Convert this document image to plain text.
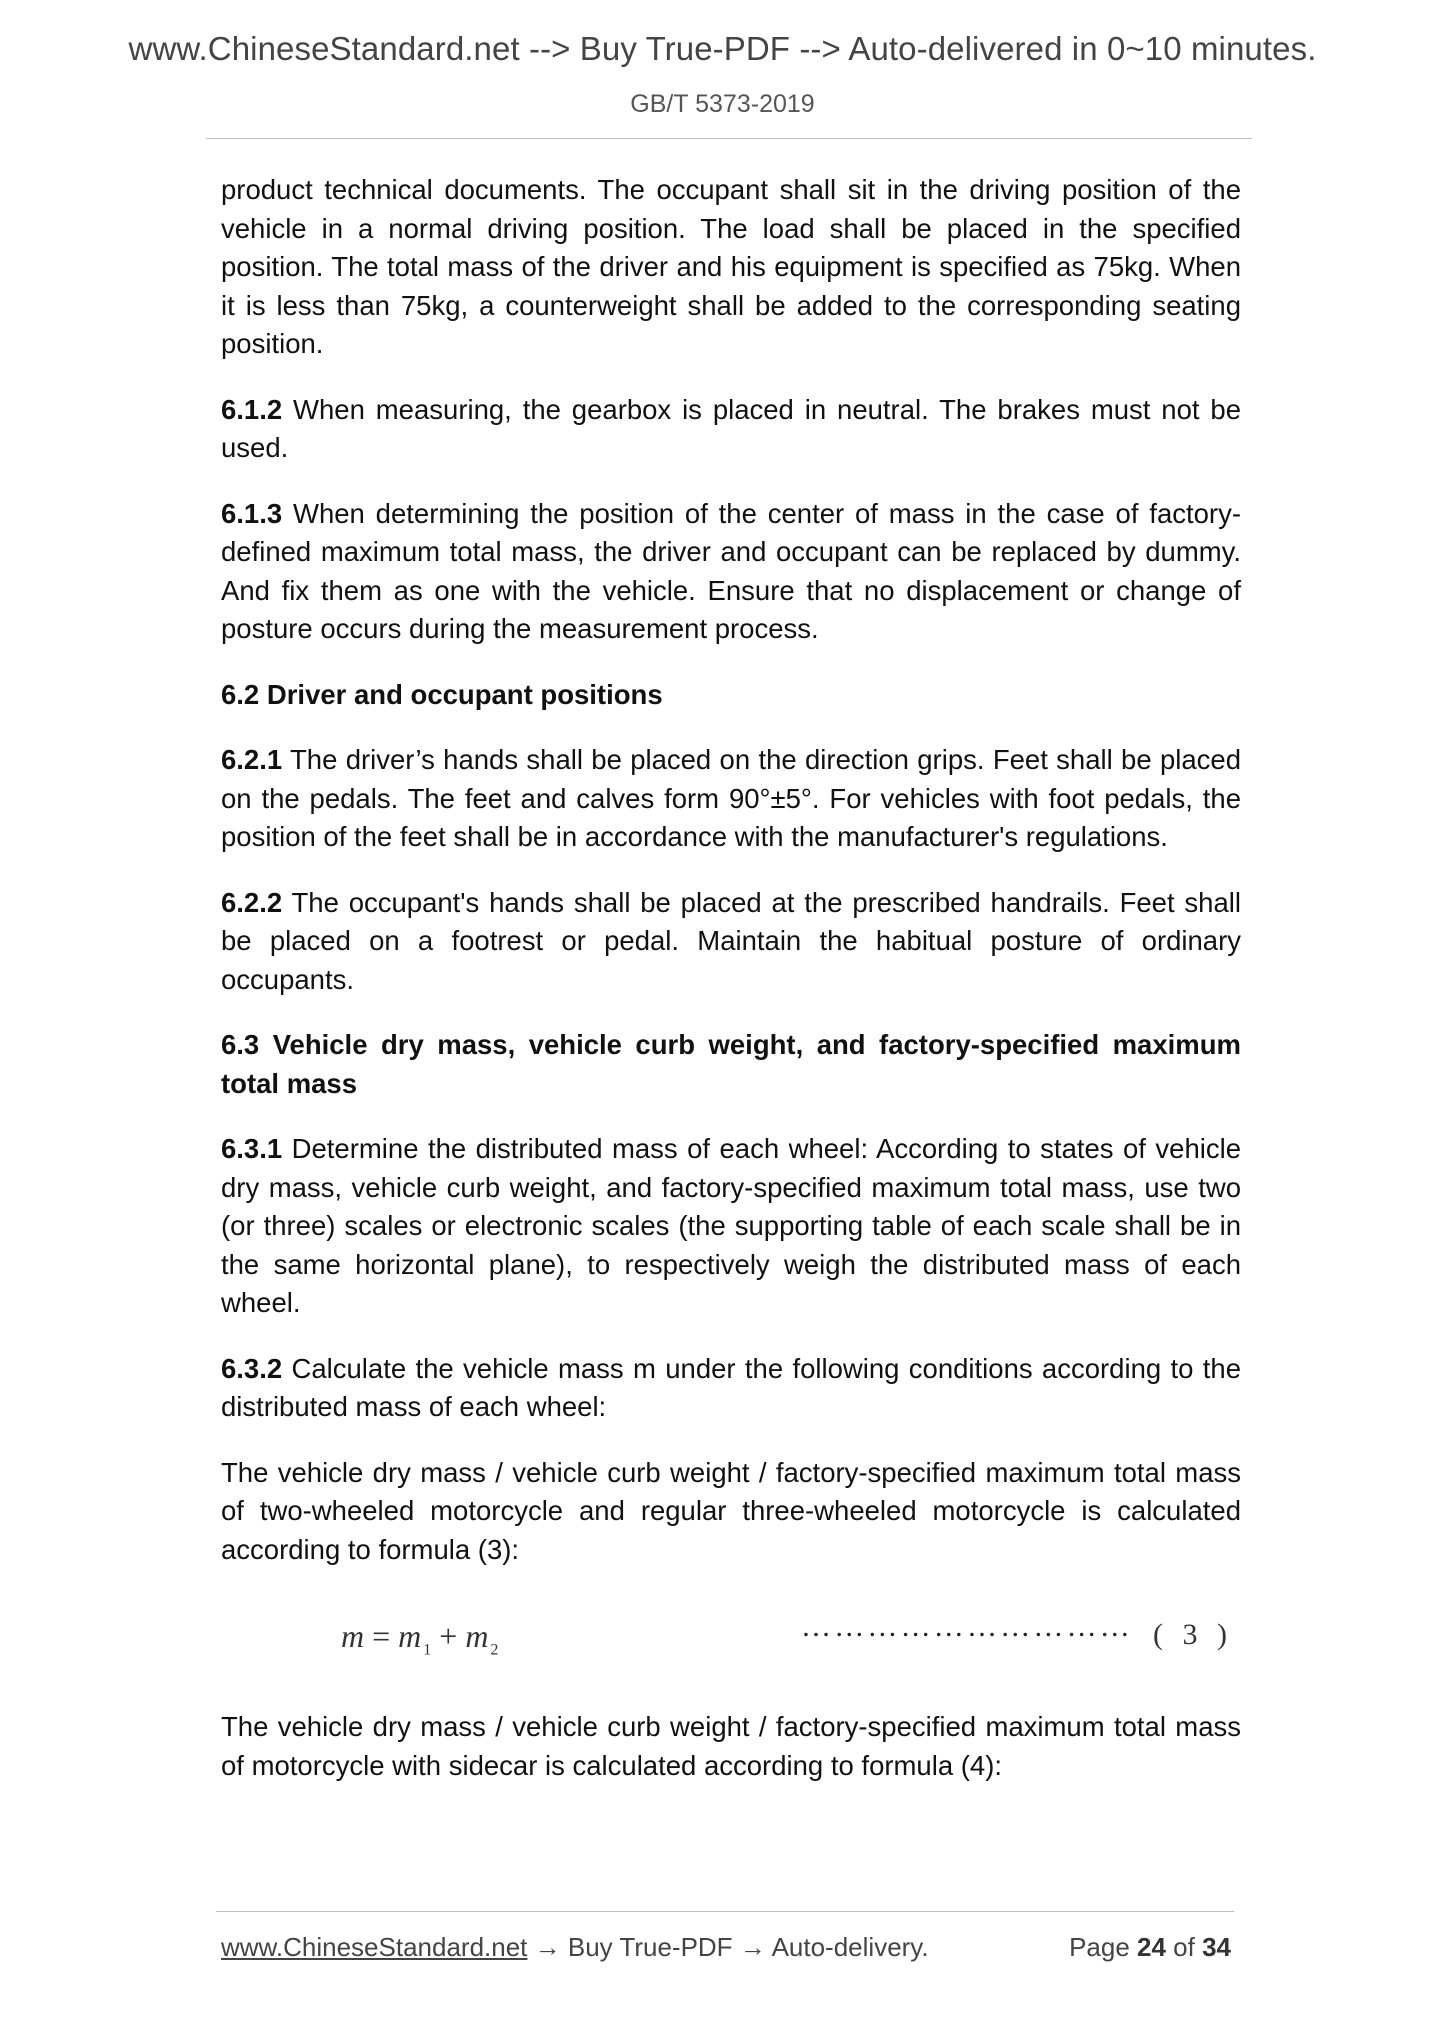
www.ChineseStandard.net --> Buy True-PDF --> Auto-delivered in 0~10 minutes.
GB/T 5373-2019

product technical documents. The occupant shall sit in the driving position of the vehicle in a normal driving position. The load shall be placed in the specified position. The total mass of the driver and his equipment is specified as 75kg. When it is less than 75kg, a counterweight shall be added to the corresponding seating position.

6.1.2 When measuring, the gearbox is placed in neutral. The brakes must not be used.

6.1.3 When determining the position of the center of mass in the case of factory-defined maximum total mass, the driver and occupant can be replaced by dummy. And fix them as one with the vehicle. Ensure that no displacement or change of posture occurs during the measurement process.

6.2 Driver and occupant positions

6.2.1 The driver’s hands shall be placed on the direction grips. Feet shall be placed on the pedals. The feet and calves form 90°±5°. For vehicles with foot pedals, the position of the feet shall be in accordance with the manufacturer's regulations.

6.2.2 The occupant's hands shall be placed at the prescribed handrails. Feet shall be placed on a footrest or pedal. Maintain the habitual posture of ordinary occupants.

6.3 Vehicle dry mass, vehicle curb weight, and factory-specified maximum total mass

6.3.1 Determine the distributed mass of each wheel: According to states of vehicle dry mass, vehicle curb weight, and factory-specified maximum total mass, use two (or three) scales or electronic scales (the supporting table of each scale shall be in the same horizontal plane), to respectively weigh the distributed mass of each wheel.

6.3.2 Calculate the vehicle mass m under the following conditions according to the distributed mass of each wheel:

The vehicle dry mass / vehicle curb weight / factory-specified maximum total mass of two-wheeled motorcycle and regular three-wheeled motorcycle is calculated according to formula (3):

$m = m_1 + m_2$
………………………… ( 3 )

The vehicle dry mass / vehicle curb weight / factory-specified maximum total mass of motorcycle with sidecar is calculated according to formula (4):

www.ChineseStandard.net → Buy True-PDF → Auto-delivery.	Page 24 of 34
